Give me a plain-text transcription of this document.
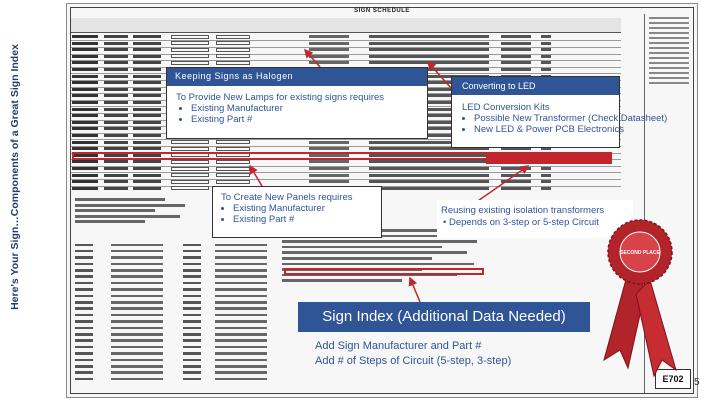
Here's Your Sign…Components of a Great Sign Index
SIGN SCHEDULE
E702
Keeping Signs as Halogen
To Provide New Lamps for existing signs requires
• Existing Manufacturer
• Existing Part #
Converting to LED
LED Conversion Kits
• Possible New Transformer (Check Datasheet)
• New LED & Power PCB Electronics
To Create New Panels requires
• Existing Manufacturer
• Existing Part #
Reusing existing isolation transformers
• Depends on 3-step or 5-step Circuit
Sign Index (Additional Data Needed)
Add Sign Manufacturer and Part #
Add # of Steps of Circuit (5-step, 3-step)
SECOND PLACE
5
